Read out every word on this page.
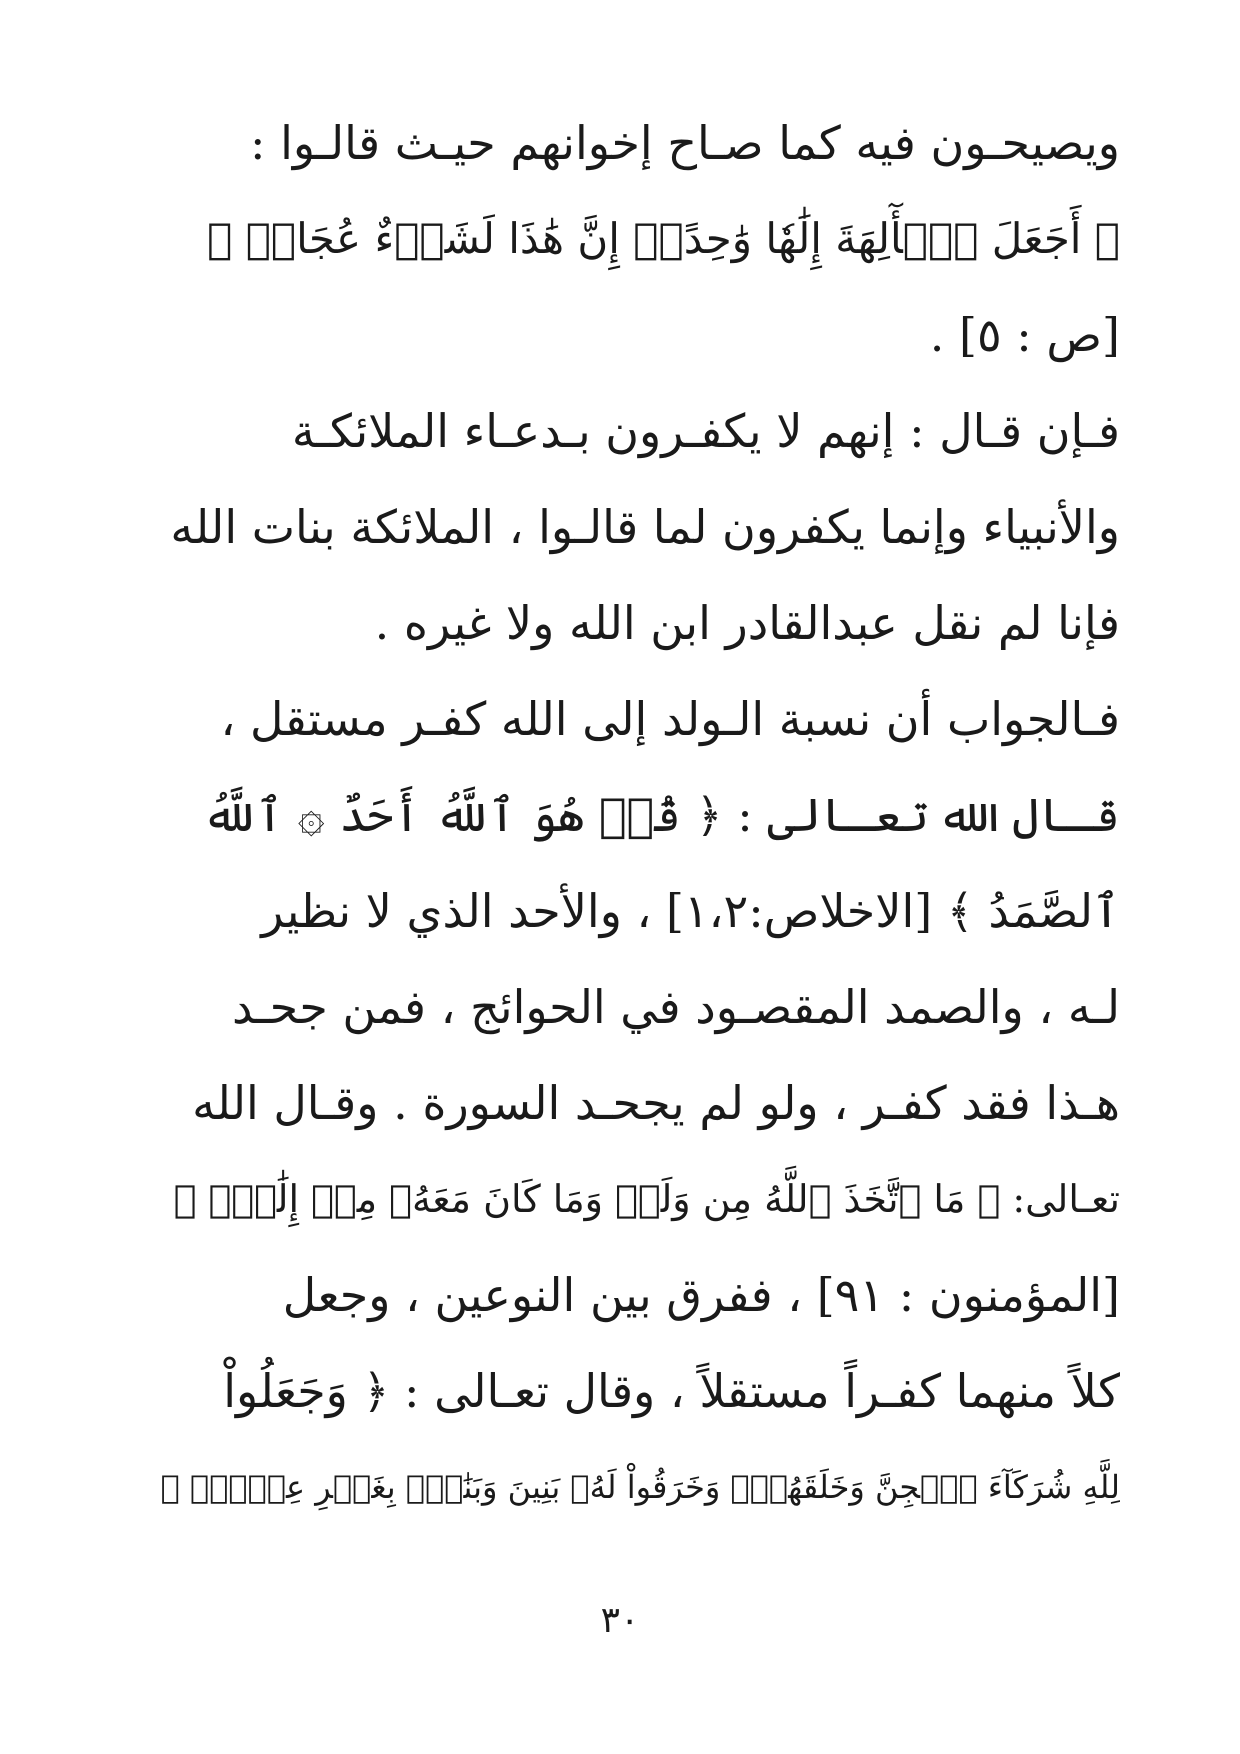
ويصيحـون فيه كما صـاح إخوانهم حيـث قالـوا :
﴿ أَجَعَلَ ٱلۡأٓلِهَةَ إِلَٰهٗا وَٰحِدًاۖ إِنَّ هَٰذَا لَشَيۡءٌ عُجَابٞ ﴾
[ص : ٥] .
فـإن قـال : إنهم لا يكفـرون بـدعـاء الملائكـة
والأنبياء وإنما يكفرون لما قالـوا ، الملائكة بنات الله
فإنا لم نقل عبدالقادر ابن الله ولا غيره .
فـالجواب أن نسبة الـولد إلى الله كفـر مستقل ،
قـال الله تعـالى : ﴿ قُلۡ هُوَ ٱللَّهُ أَحَدٌ ۞ ٱللَّهُ
ٱلصَّمَدُ ﴾ [الاخلاص:١،٢] ، والأحد الذي لا نظير
لـه ، والصمد المقصـود في الحوائج ، فمن جحـد
هـذا فقد كفـر ، ولو لم يجحـد السورة . وقـال الله
تعـالى: ﴿ مَا ٱتَّخَذَ ٱللَّهُ مِن وَلَدٖ وَمَا كَانَ مَعَهُۥ مِنۡ إِلَٰهٍۚ ﴾
[المؤمنون : ٩١] ، ففرق بين النوعين ، وجعل
كلاً منهما كفـراً مستقلاً ، وقال تعـالى : ﴿ وَجَعَلُواْ
لِلَّهِ شُرَكَآءَ ٱلۡجِنَّ وَخَلَقَهُمۡۖ وَخَرَقُواْ لَهُۥ بَنِينَ وَبَنَٰتِۭ بِغَيۡرِ عِلۡمٖۚ ﴾
٣٠
